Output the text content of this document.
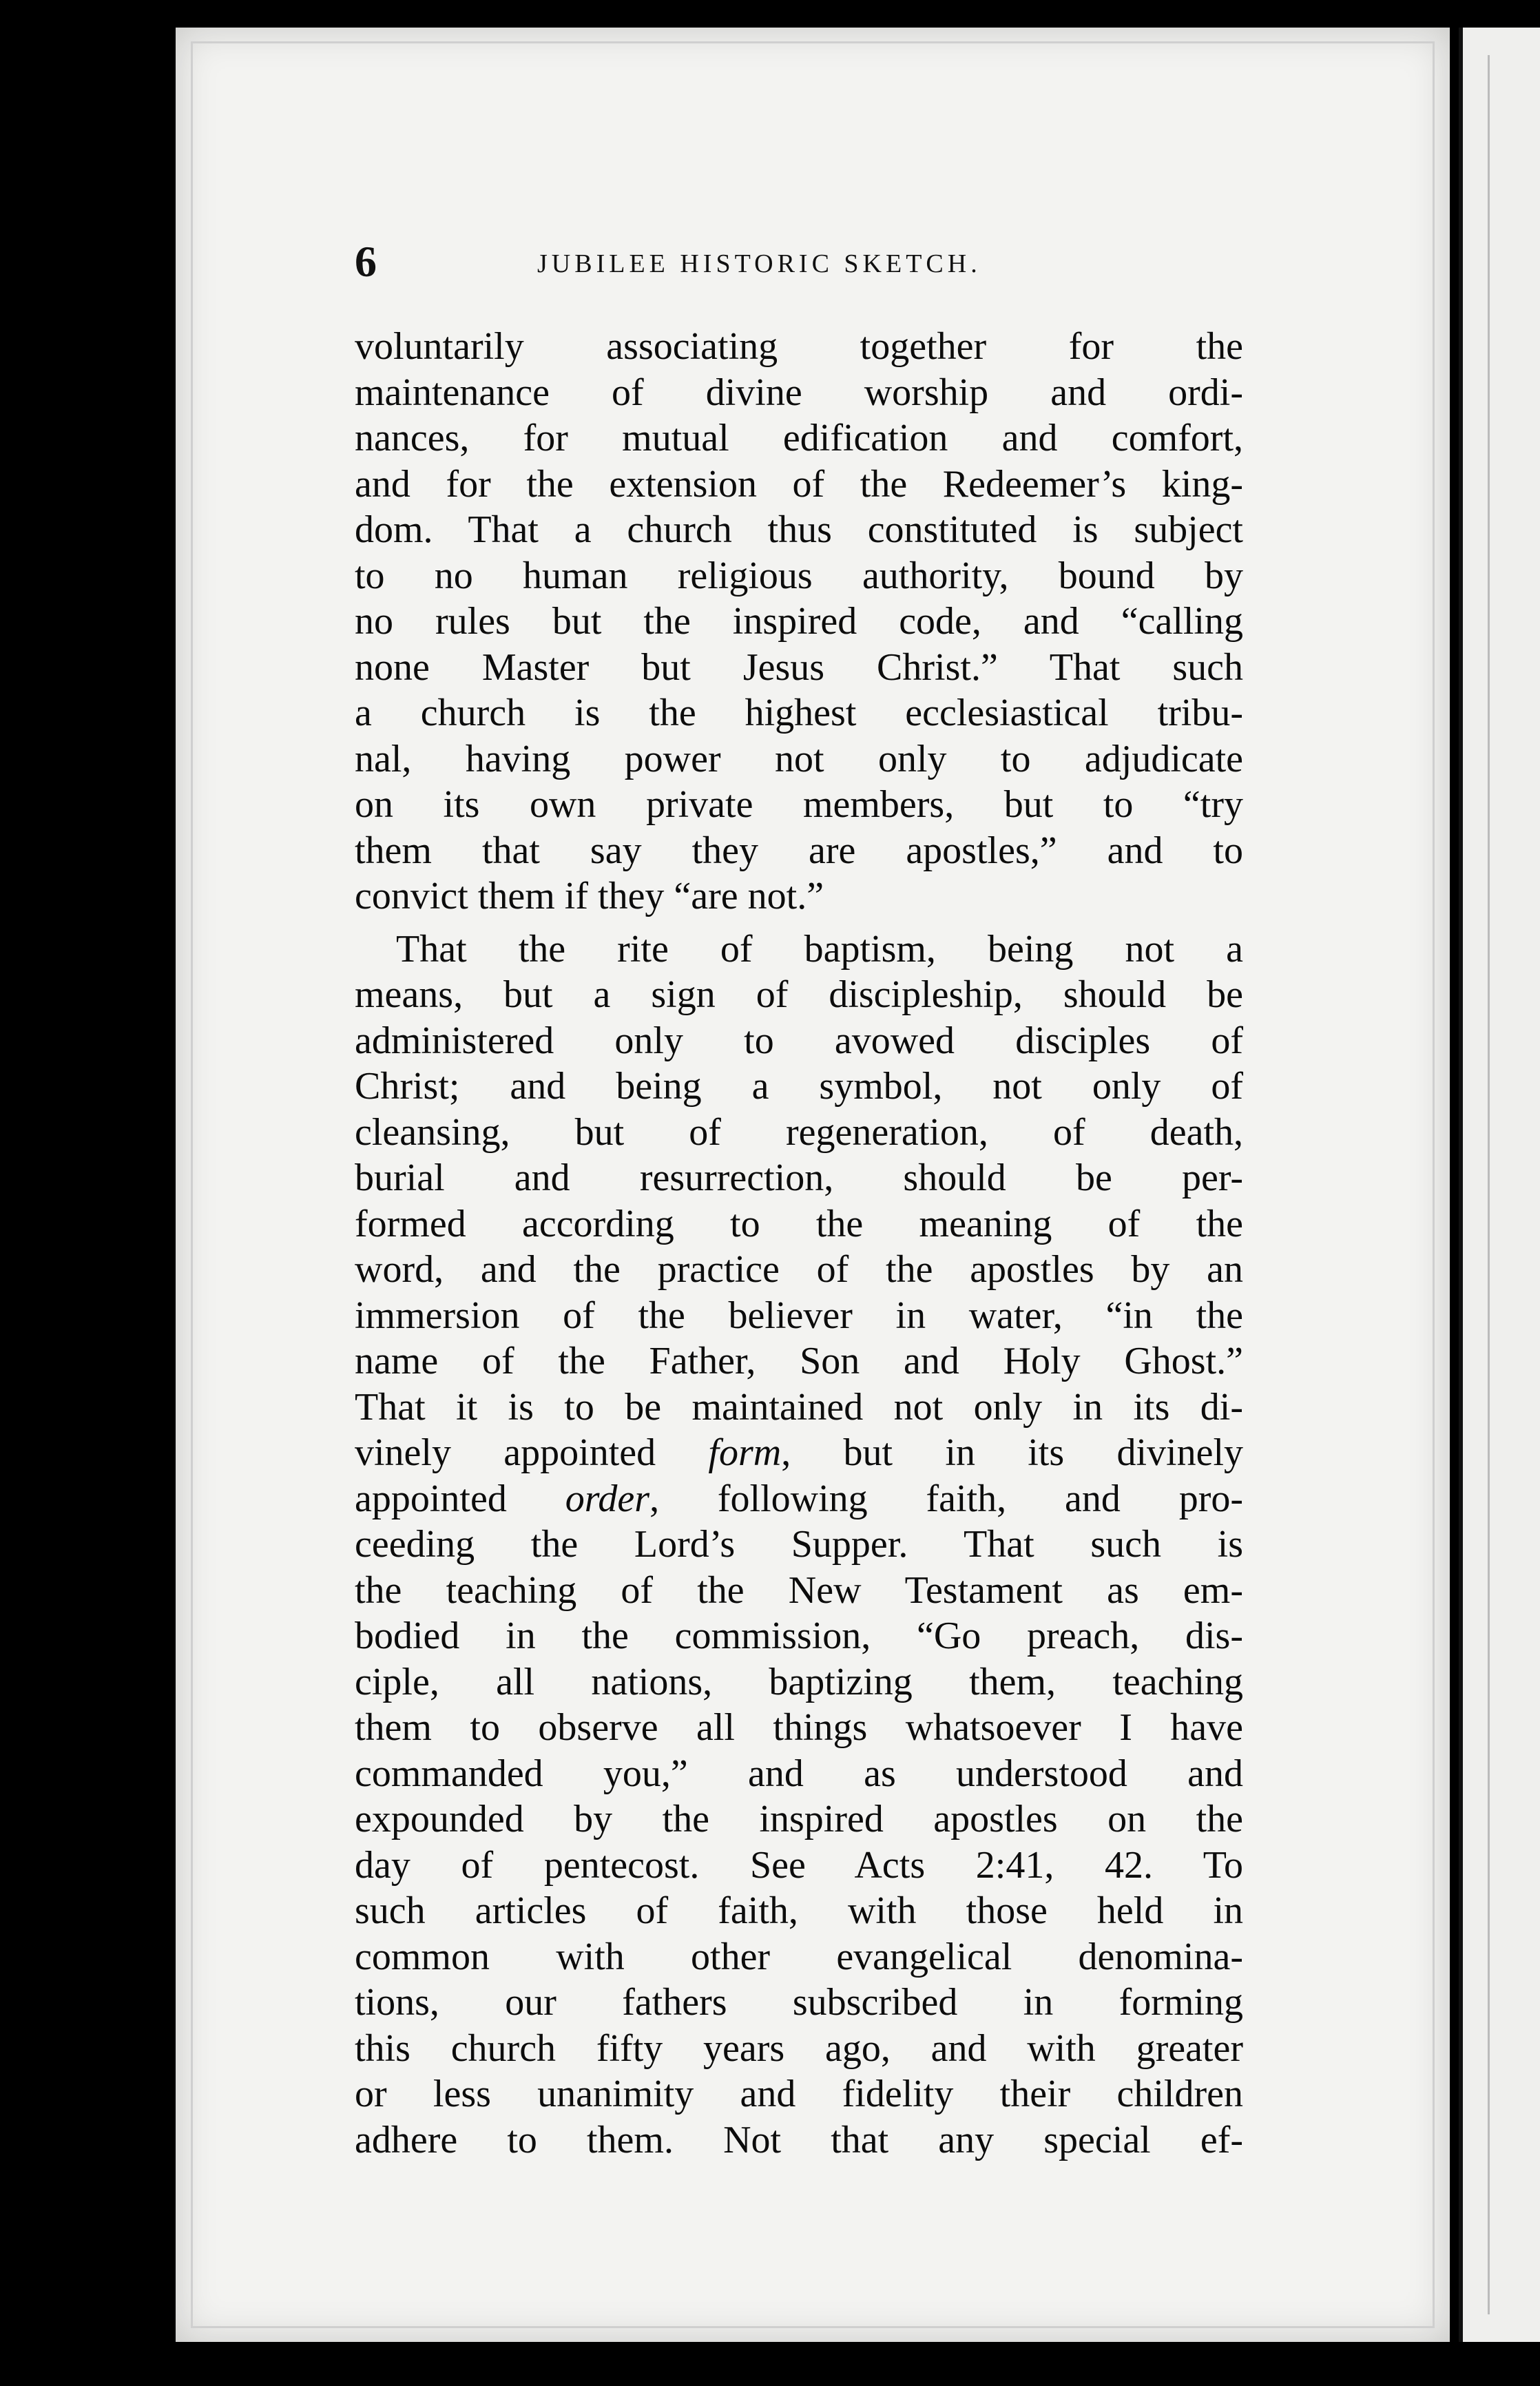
6	JUBILEE HISTORIC SKETCH.
voluntarily associating together for the
maintenance of divine worship and ordi-
nances, for mutual edification and comfort,
and for the extension of the Redeemer’s king-
dom. That a church thus constituted is subject
to no human religious authority, bound by
no rules but the inspired code, and “calling
none Master but Jesus Christ.” That such
a church is the highest ecclesiastical tribu-
nal, having power not only to adjudicate
on its own private members, but to “try
them that say they are apostles,” and to
convict them if they “are not.”
That the rite of baptism, being not a
means, but a sign of discipleship, should be
administered only to avowed disciples of
Christ; and being a symbol, not only of
cleansing, but of regeneration, of death,
burial and resurrection, should be per-
formed according to the meaning of the
word, and the practice of the apostles by an
immersion of the believer in water, “in the
name of the Father, Son and Holy Ghost.”
That it is to be maintained not only in its di-
vinely appointed form, but in its divinely
appointed order, following faith, and pro-
ceeding the Lord’s Supper. That such is
the teaching of the New Testament as em-
bodied in the commission, “Go preach, dis-
ciple, all nations, baptizing them, teaching
them to observe all things whatsoever I have
commanded you,” and as understood and
expounded by the inspired apostles on the
day of pentecost. See Acts 2:41, 42. To
such articles of faith, with those held in
common with other evangelical denomina-
tions, our fathers subscribed in forming
this church fifty years ago, and with greater
or less unanimity and fidelity their children
adhere to them. Not that any special ef-
